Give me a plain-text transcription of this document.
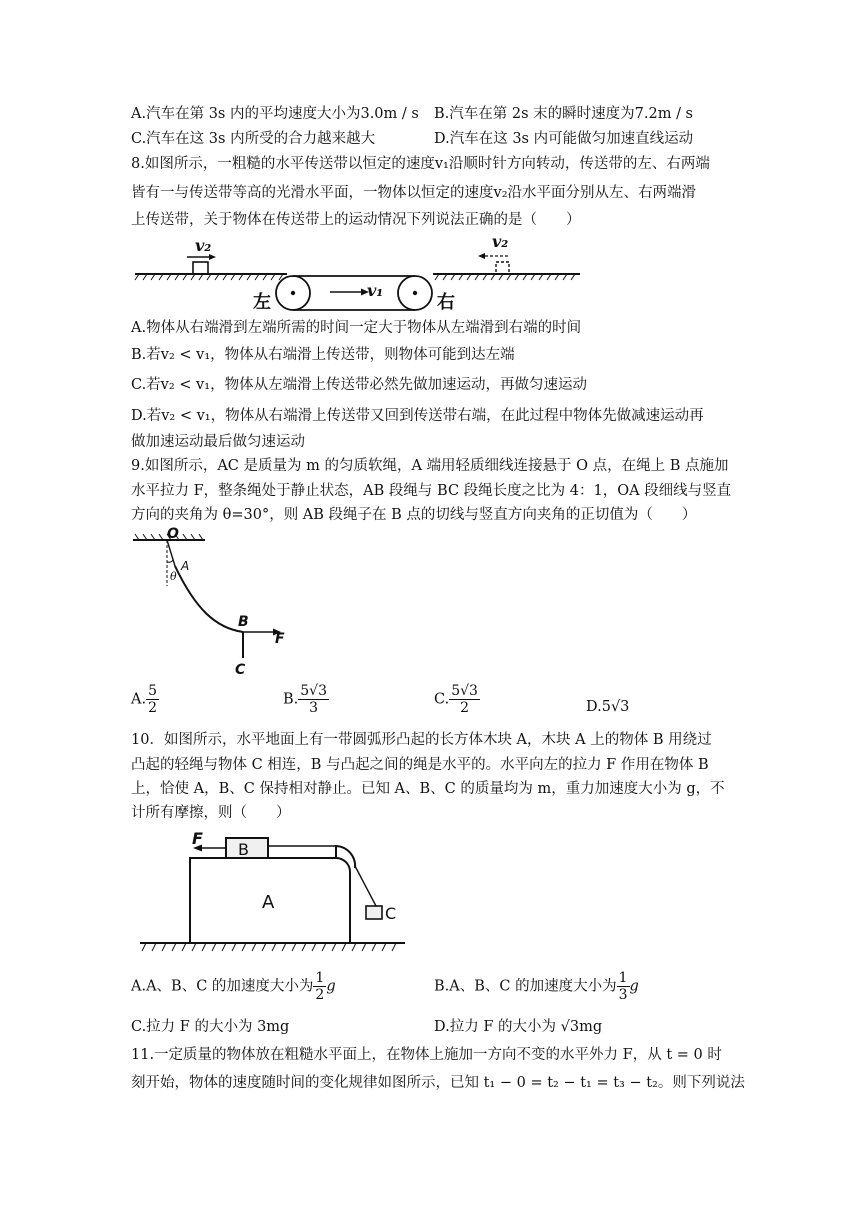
A.汽车在第 3s 内的平均速度大小为3.0m / s B.汽车在第 2s 末的瞬时速度为7.2m / s
C.汽车在这 3s 内所受的合力越来越大	D.汽车在这 3s 内可能做匀加速直线运动
8.如图所示，一粗糙的水平传送带以恒定的速度v₁沿顺时针方向转动，传送带的左、右两端
皆有一与传送带等高的光滑水平面，一物体以恒定的速度v₂沿水平面分别从左、右两端滑
上传送带，关于物体在传送带上的运动情况下列说法正确的是（　　）
v₂	v₂
v₁
左	右
A.物体从右端滑到左端所需的时间一定大于物体从左端滑到右端的时间
B.若v₂ < v₁，物体从右端滑上传送带，则物体可能到达左端
C.若v₂ < v₁，物体从左端滑上传送带必然先做加速运动，再做匀速运动
D.若v₂ < v₁，物体从右端滑上传送带又回到传送带右端，在此过程中物体先做减速运动再
做加速运动最后做匀速运动
9.如图所示，AC 是质量为 m 的匀质软绳，A 端用轻质细线连接悬于 O 点，在绳上 B 点施加
水平拉力 F，整条绳处于静止状态，AB 段绳与 BC 段绳长度之比为 4：1，OA 段细线与竖直
方向的夹角为 θ=30°，则 AB 段绳子在 B 点的切线与竖直方向夹角的正切值为（　　）
O
A
θ
B
F
C
A. $\frac{5}{2}$	B. $\frac{5√3}{3}$	C. $\frac{5√3}{2}$	D.5√3
10．如图所示，水平地面上有一带圆弧形凸起的长方体木块 A，木块 A 上的物体 B 用绕过
凸起的轻绳与物体 C 相连，B 与凸起之间的绳是水平的。水平向左的拉力 F 作用在物体 B
上，恰使 A，B、C 保持相对静止。已知 A、B、C 的质量均为 m，重力加速度大小为 g，不
计所有摩擦，则（　　）
F
B
A
C
A.A、B、C 的加速度大小为 $\frac{1}{2}$ g	B.A、B、C 的加速度大小为 $\frac{1}{3}$ g
C.拉力 F 的大小为 3mg	D.拉力 F 的大小为 √3mg
11.一定质量的物体放在粗糙水平面上，在物体上施加一方向不变的水平外力 F，从 t = 0 时
刻开始，物体的速度随时间的变化规律如图所示，已知 t₁ − 0 = t₂ − t₁ = t₃ − t₂。则下列说法
